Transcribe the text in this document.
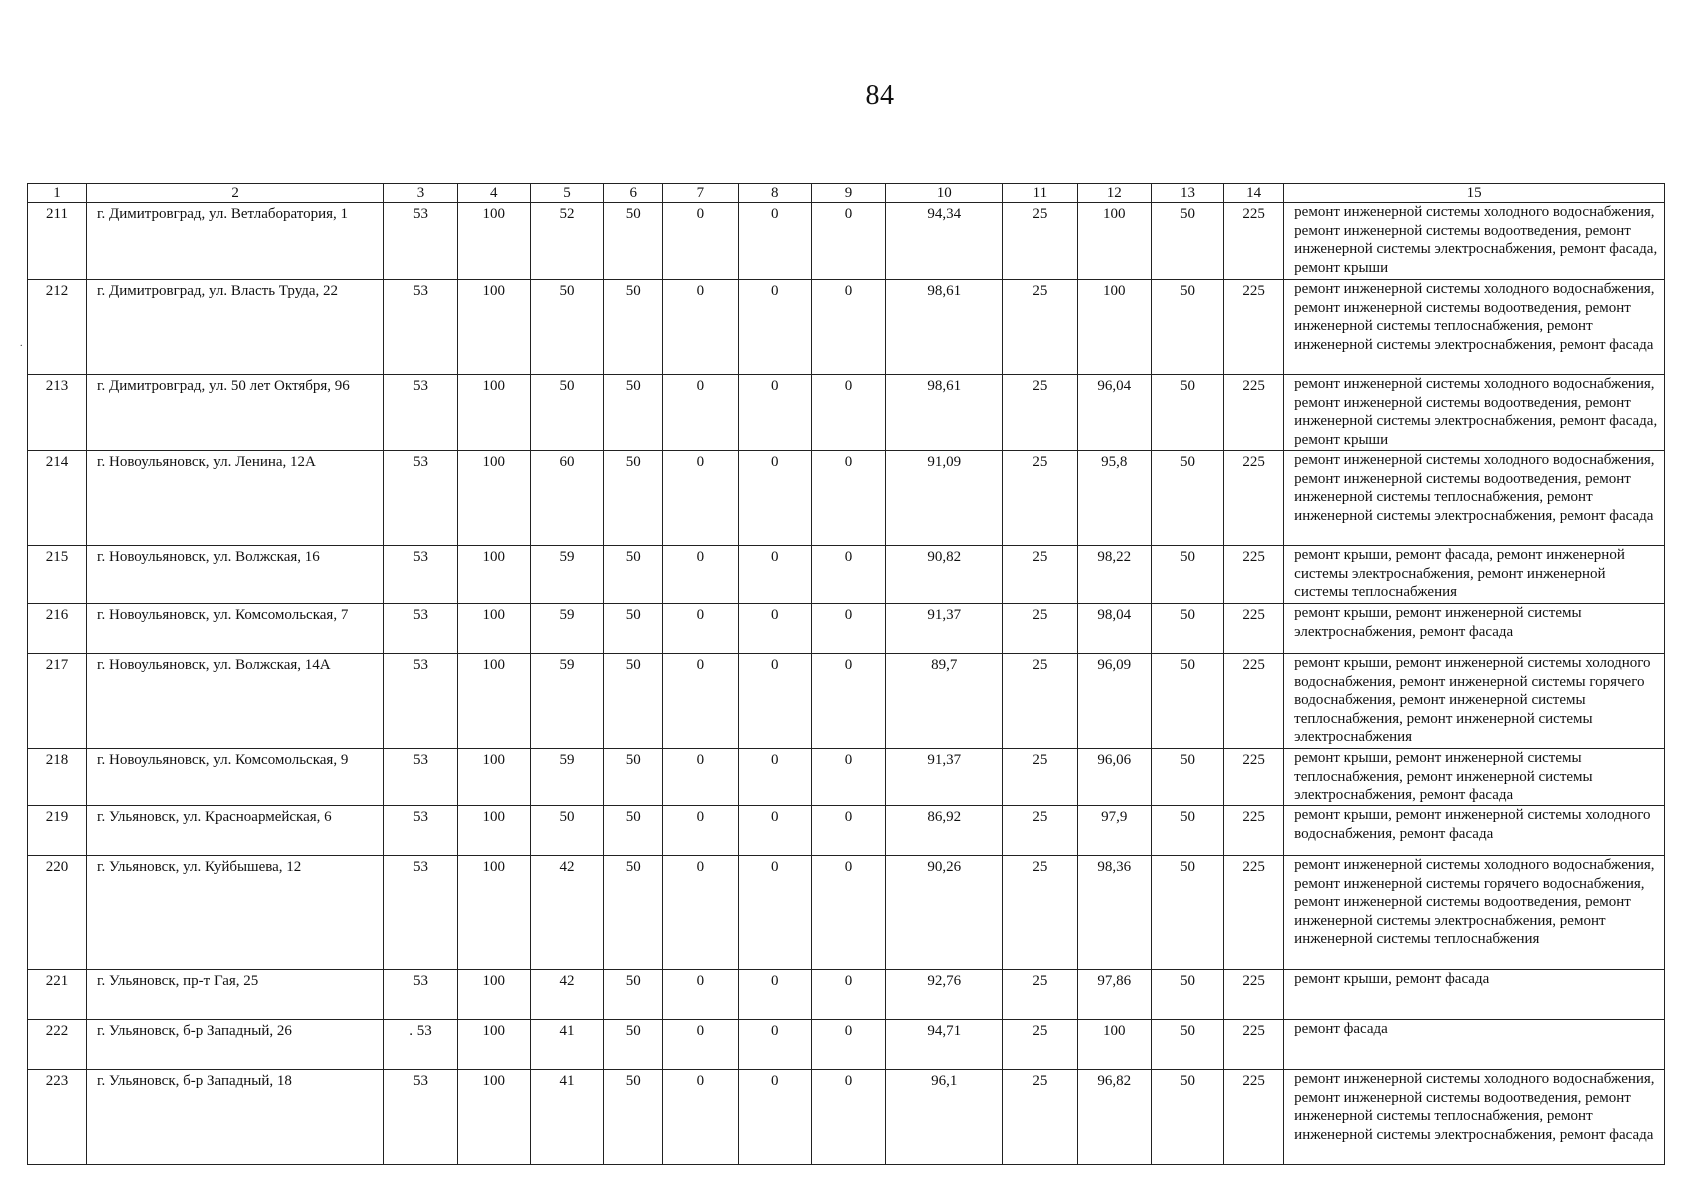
84
.
1	2	3	4	5	6	7	8	9	10	11	12	13	14	15
211	г. Димитровград, ул. Ветлаборатория, 1	53	100	52	50	0	0	0	94,34	25	100	50	225	ремонт инженерной системы холодного водоснабжения, ремонт инженерной системы водоотведения, ремонт инженерной системы электроснабжения, ремонт фасада, ремонт крыши
212	г. Димитровград, ул. Власть Труда, 22	53	100	50	50	0	0	0	98,61	25	100	50	225	ремонт инженерной системы холодного водоснабжения, ремонт инженерной системы водоотведения, ремонт инженерной системы теплоснабжения, ремонт инженерной системы электроснабжения, ремонт фасада
213	г. Димитровград, ул. 50 лет Октября, 96	53	100	50	50	0	0	0	98,61	25	96,04	50	225	ремонт инженерной системы холодного водоснабжения, ремонт инженерной системы водоотведения, ремонт инженерной системы электроснабжения, ремонт фасада, ремонт крыши
214	г. Новоульяновск, ул. Ленина, 12А	53	100	60	50	0	0	0	91,09	25	95,8	50	225	ремонт инженерной системы холодного водоснабжения, ремонт инженерной системы водоотведения, ремонт инженерной системы теплоснабжения, ремонт инженерной системы электроснабжения, ремонт фасада
215	г. Новоульяновск, ул. Волжская, 16	53	100	59	50	0	0	0	90,82	25	98,22	50	225	ремонт крыши, ремонт фасада, ремонт инженерной системы электроснабжения, ремонт инженерной системы теплоснабжения
216	г. Новоульяновск, ул. Комсомольская, 7	53	100	59	50	0	0	0	91,37	25	98,04	50	225	ремонт крыши, ремонт инженерной системы электроснабжения, ремонт фасада
217	г. Новоульяновск, ул. Волжская, 14А	53	100	59	50	0	0	0	89,7	25	96,09	50	225	ремонт крыши, ремонт инженерной системы холодного водоснабжения, ремонт инженерной системы горячего водоснабжения, ремонт инженерной системы теплоснабжения, ремонт инженерной системы электроснабжения
218	г. Новоульяновск, ул. Комсомольская, 9	53	100	59	50	0	0	0	91,37	25	96,06	50	225	ремонт крыши, ремонт инженерной системы теплоснабжения, ремонт инженерной системы электроснабжения, ремонт фасада
219	г. Ульяновск, ул. Красноармейская, 6	53	100	50	50	0	0	0	86,92	25	97,9	50	225	ремонт крыши, ремонт инженерной системы холодного водоснабжения, ремонт фасада
220	г. Ульяновск, ул. Куйбышева, 12	53	100	42	50	0	0	0	90,26	25	98,36	50	225	ремонт инженерной системы холодного водоснабжения, ремонт инженерной системы горячего водоснабжения, ремонт инженерной системы водоотведения, ремонт инженерной системы электроснабжения, ремонт инженерной системы теплоснабжения
221	г. Ульяновск, пр-т Гая, 25	53	100	42	50	0	0	0	92,76	25	97,86	50	225	ремонт крыши, ремонт фасада
222	г. Ульяновск, б-р Западный, 26	. 53	100	41	50	0	0	0	94,71	25	100	50	225	ремонт фасада
223	г. Ульяновск, б-р Западный, 18	53	100	41	50	0	0	0	96,1	25	96,82	50	225	ремонт инженерной системы холодного водоснабжения, ремонт инженерной системы водоотведения, ремонт инженерной системы теплоснабжения, ремонт инженерной системы электроснабжения, ремонт фасада
